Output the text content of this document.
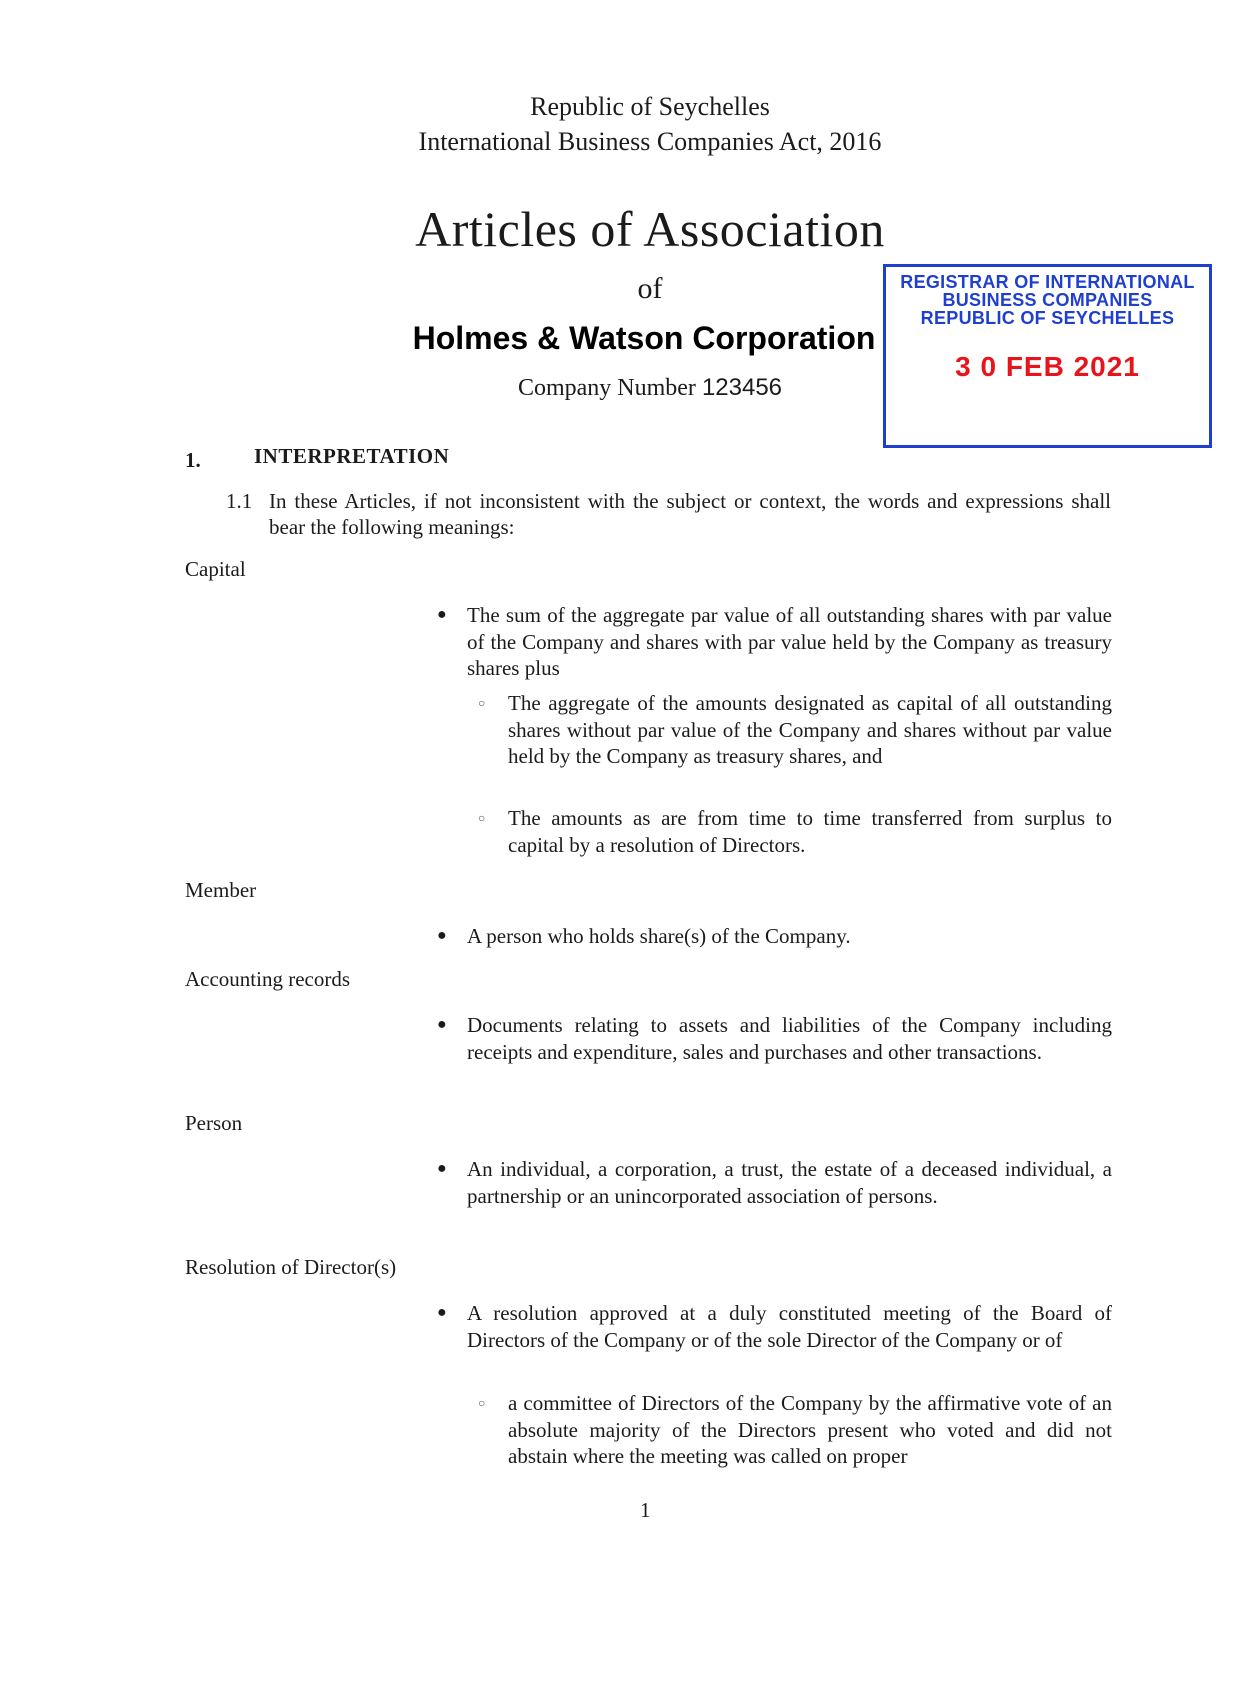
Republic of Seychelles
International Business Companies Act, 2016
Articles of Association
of
Holmes & Watson Corporation
Company Number 123456
REGISTRAR OF INTERNATIONAL
BUSINESS COMPANIES
REPUBLIC OF SEYCHELLES
3 0 FEB 2021
1.	INTERPRETATION
1.1 In these Articles, if not inconsistent with the subject or context, the words and expressions shall bear the following meanings:
Capital
● The sum of the aggregate par value of all outstanding shares with par value of the Company and shares with par value held by the Company as treasury shares plus
○ The aggregate of the amounts designated as capital of all outstanding shares without par value of the Company and shares without par value held by the Company as treasury shares, and
○ The amounts as are from time to time transferred from surplus to capital by a resolution of Directors.
Member
● A person who holds share(s) of the Company.
Accounting records
● Documents relating to assets and liabilities of the Company including receipts and expenditure, sales and purchases and other transactions.
Person
● An individual, a corporation, a trust, the estate of a deceased individual, a partnership or an unincorporated association of persons.
Resolution of Director(s)
● A resolution approved at a duly constituted meeting of the Board of Directors of the Company or of the sole Director of the Company or of
○ a committee of Directors of the Company by the affirmative vote of an absolute majority of the Directors present who voted and did not abstain where the meeting was called on proper
1
